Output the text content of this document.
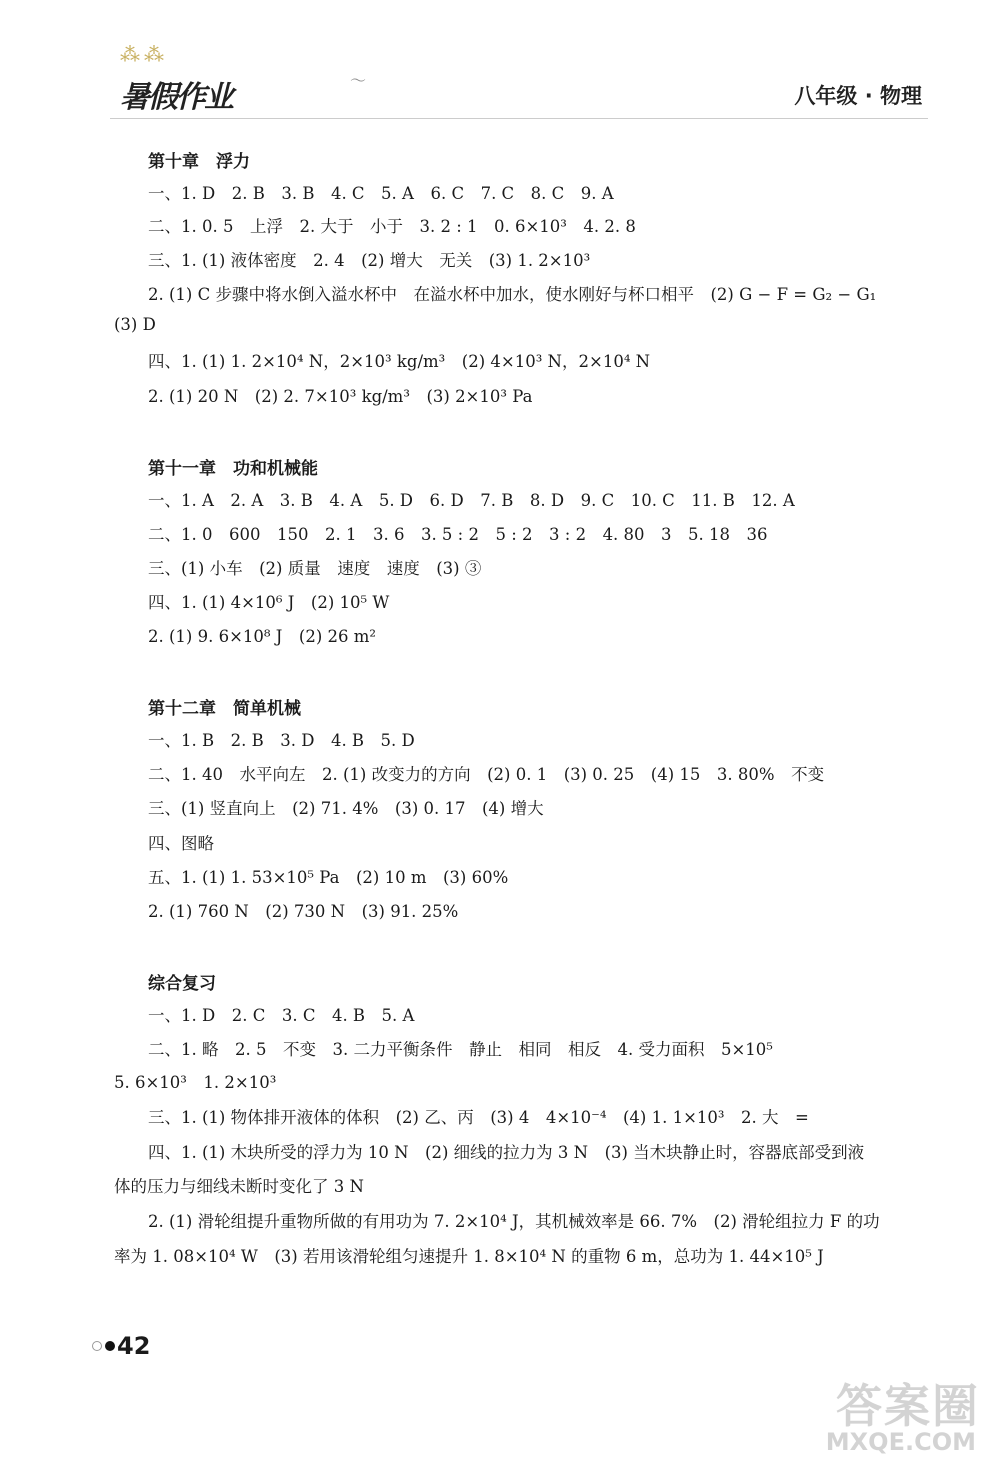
⁂⁂
暑假作业	〜
八年级 · 物理
第十章　浮力
一、1. D　2. B　3. B　4. C　5. A　6. C　7. C　8. C　9. A
二、1. 0. 5　上浮　2. 大于　小于　3. 2 : 1　0. 6×10³　4. 2. 8
三、1. (1) 液体密度　2. 4　(2) 增大　无关　(3) 1. 2×10³
2. (1) C 步骤中将水倒入溢水杯中　在溢水杯中加水，使水刚好与杯口相平　(2) G − F = G₂ − G₁
(3) D
四、1. (1) 1. 2×10⁴ N，2×10³ kg/m³　(2) 4×10³ N，2×10⁴ N
2. (1) 20 N　(2) 2. 7×10³ kg/m³　(3) 2×10³ Pa
第十一章　功和机械能
一、1. A　2. A　3. B　4. A　5. D　6. D　7. B　8. D　9. C　10. C　11. B　12. A
二、1. 0　600　150　2. 1　3. 6　3. 5 : 2　5 : 2　3 : 2　4. 80　3　5. 18　36
三、(1) 小车　(2) 质量　速度　速度　(3) ③
四、1. (1) 4×10⁶ J　(2) 10⁵ W
2. (1) 9. 6×10⁸ J　(2) 26 m²
第十二章　简单机械
一、1. B　2. B　3. D　4. B　5. D
二、1. 40　水平向左　2. (1) 改变力的方向　(2) 0. 1　(3) 0. 25　(4) 15　3. 80%　不变
三、(1) 竖直向上　(2) 71. 4%　(3) 0. 17　(4) 增大
四、图略
五、1. (1) 1. 53×10⁵ Pa　(2) 10 m　(3) 60%
2. (1) 760 N　(2) 730 N　(3) 91. 25%
综合复习
一、1. D　2. C　3. C　4. B　5. A
二、1. 略　2. 5　不变　3. 二力平衡条件　静止　相同　相反　4. 受力面积　5×10⁵
5. 6×10³　1. 2×10³
三、1. (1) 物体排开液体的体积　(2) 乙、丙　(3) 4　4×10⁻⁴　(4) 1. 1×10³　2. 大　=
四、1. (1) 木块所受的浮力为 10 N　(2) 细线的拉力为 3 N　(3) 当木块静止时，容器底部受到液
体的压力与细线未断时变化了 3 N
2. (1) 滑轮组提升重物所做的有用功为 7. 2×10⁴ J，其机械效率是 66. 7%　(2) 滑轮组拉力 F 的功
率为 1. 08×10⁴ W　(3) 若用该滑轮组匀速提升 1. 8×10⁴ N 的重物 6 m，总功为 1. 44×10⁵ J
42
答案圈
MXQE.COM
